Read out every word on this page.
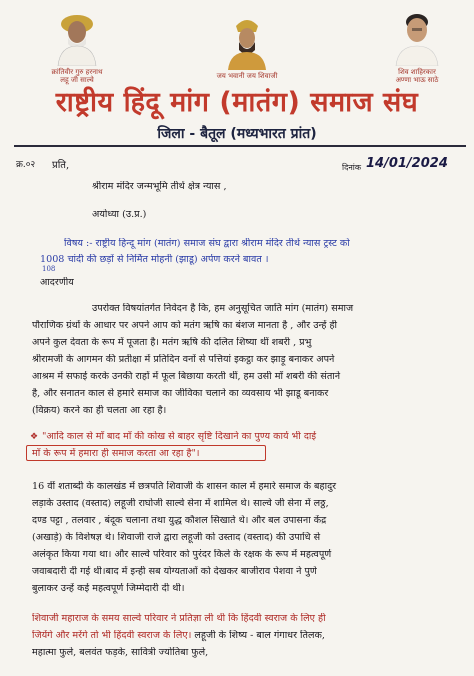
क्रांतिवीर गुरु हरनाथ
लहू जी साल्वे	जय भवानी जय शिवाजी	शिव शाहिरकार
अण्णा भाऊ साठे
राष्ट्रीय हिंदू मांग (मातंग) समाज संघ
जिला - बैतूल (मध्यभारत प्रांत)
क्र.०२ प्रति,	दिनांक 14/01/2024
श्रीराम मंदिर जन्मभूमि तीर्थ क्षेत्र न्यास ,
अयोध्या (उ.प्र.)
विषय :- राष्ट्रीय हिन्दू मांग (मातंग) समाज संघ द्वारा श्रीराम मंदिर तीर्थ न्यास ट्रस्ट को
1008 चांदी की छड़ों से निर्मित मोहनी (झाडू) अर्पण करने बावत ।
108
आदरणीय
उपरोक्त विषयांतर्गत निवेदन है कि, हम अनुसूचित जाति मांग (मातंग) समाज
पौराणिक ग्रंथों के आधार पर अपने आप को मतंग ऋषि का बंशज मानता है , और उन्हें ही
अपने कुल देवता के रूप में पूजता है। मतंग ऋषि की दलित शिष्या थीं शबरी , प्रभु
श्रीरामजी के आगमन की प्रतीक्षा में प्रतिदिन वनों से पत्तियां इकट्ठा कर झाड़ू बनाकर अपने
आश्रम में सफाई करके उनकी राहों में फूल बिछाया करती थीं, हम उसी माँ शबरी की संताने
है, और सनातन काल से हमारे समाज का जीविका चलाने का व्यवसाय भी झाडू बनाकर
(विक्रय) करने का ही चलता आ रहा है।
❖ "आदि काल से माँ बाद माँ की कोख से बाहर सृष्टि दिखाने का पुण्य कार्य भी दाई
माँ के रूप में हमारा ही समाज करता आ रहा है"।
16 वीं शताब्दी के कालखंड में छत्रपति शिवाजी के शासन काल में हमारे समाज के बहादुर
लड़ाके उस्ताद (वस्ताद) लहूजी राघोजी साल्वे सेना में शामिल थे। साल्वे जी सेना में लठ्ठ,
दण्ड पट्टा , तलवार , बंदूक चलाना तथा युद्ध कौशल सिखाते थे। और बल उपासना केंद्र
(अखाड़े) के विशेषज्ञ थे। शिवाजी राजे द्वारा लहूजी को उस्ताद (वस्ताद) की उपाधि से
अलंकृत किया गया था। और साल्वे परिवार को पुरंदर किले के रक्षक के रूप में महत्वपूर्ण
जवाबदारी दी गई थी।बाद में इन्ही सब योग्यताओं को देखकर बाजीराव पेशवा ने पुणे
बुलाकर उन्हें कई महत्वपूर्ण जिम्मेदारी दी थी।
शिवाजी महाराज के समय साल्वे परिवार ने प्रतिज्ञा ली थी कि हिंदवी स्वराज के लिए ही
जियेंगे और मरेंगे तो भी हिंदवी स्वराज के लिए। लहूजी के शिष्य - बाल गंगाधर तिलक,
महात्मा फुले, बलवंत फड़के, सावित्री ज्योतिबा फुले,
